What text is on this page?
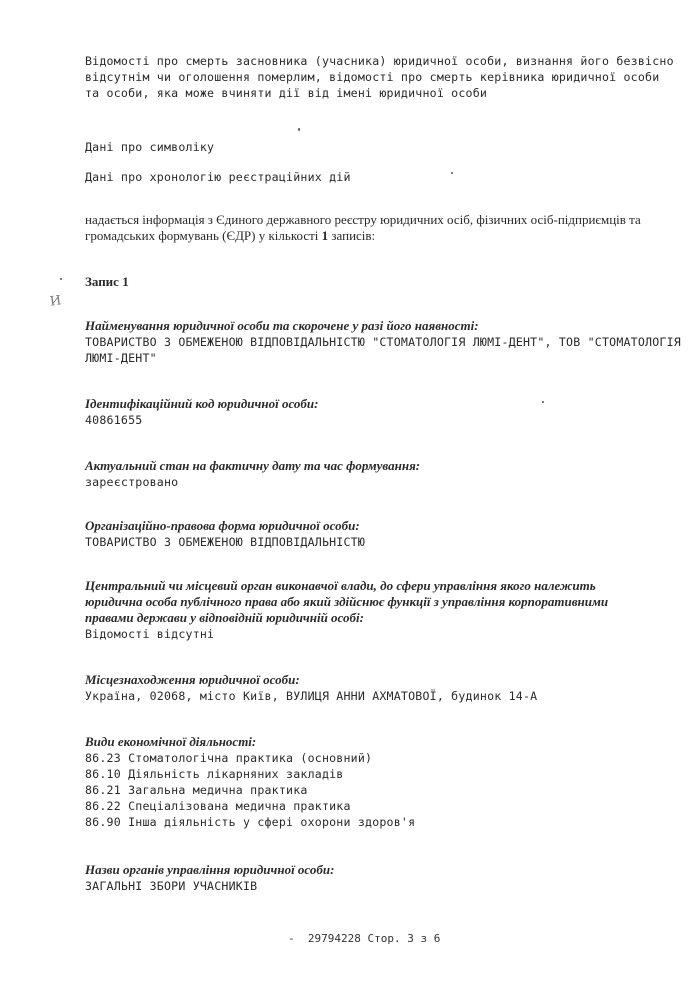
Відомості про смерть засновника (учасника) юридичної особи, визнання його безвісно відсутнім чи оголошення померлим, відомості про смерть керівника юридичної особи та особи, яка може вчиняти дії від імені юридичної особи
Дані про символіку
Дані про хронологію реєстраційних дій
надається інформація з Єдиного державного реєстру юридичних осіб, фізичних осіб-підприємців та громадських формувань (ЄДР) у кількості 1 записів:
Запис 1
И
Найменування юридичної особи та скорочене у разі його наявності:
ТОВАРИСТВО З ОБМЕЖЕНОЮ ВІДПОВІДАЛЬНІСТЮ "СТОМАТОЛОГІЯ ЛЮМІ-ДЕНТ", ТОВ "СТОМАТОЛОГІЯ ЛЮМІ-ДЕНТ"
Ідентифікаційний код юридичної особи:
40861655
Актуальний стан на фактичну дату та час формування:
зареєстровано
Організаційно-правова форма юридичної особи:
ТОВАРИСТВО З ОБМЕЖЕНОЮ ВІДПОВІДАЛЬНІСТЮ
Центральний чи місцевий орган виконавчої влади, до сфери управління якого належить юридична особа публічного права або який здійснює функції з управління корпоративними правами держави у відповідній юридичній особі:
Відомості відсутні
Місцезнаходження юридичної особи:
Україна, 02068, місто Київ, ВУЛИЦЯ АННИ АХМАТОВОЇ, будинок 14-А
Види економічної діяльності:
86.23 Стоматологічна практика (основний)
86.10 Діяльність лікарняних закладів
86.21 Загальна медична практика
86.22 Спеціалізована медична практика
86.90 Інша діяльність у сфері охорони здоров'я
Назви органів управління юридичної особи:
ЗАГАЛЬНІ ЗБОРИ УЧАСНИКІВ
- 29794228 Стор. 3 з 6
